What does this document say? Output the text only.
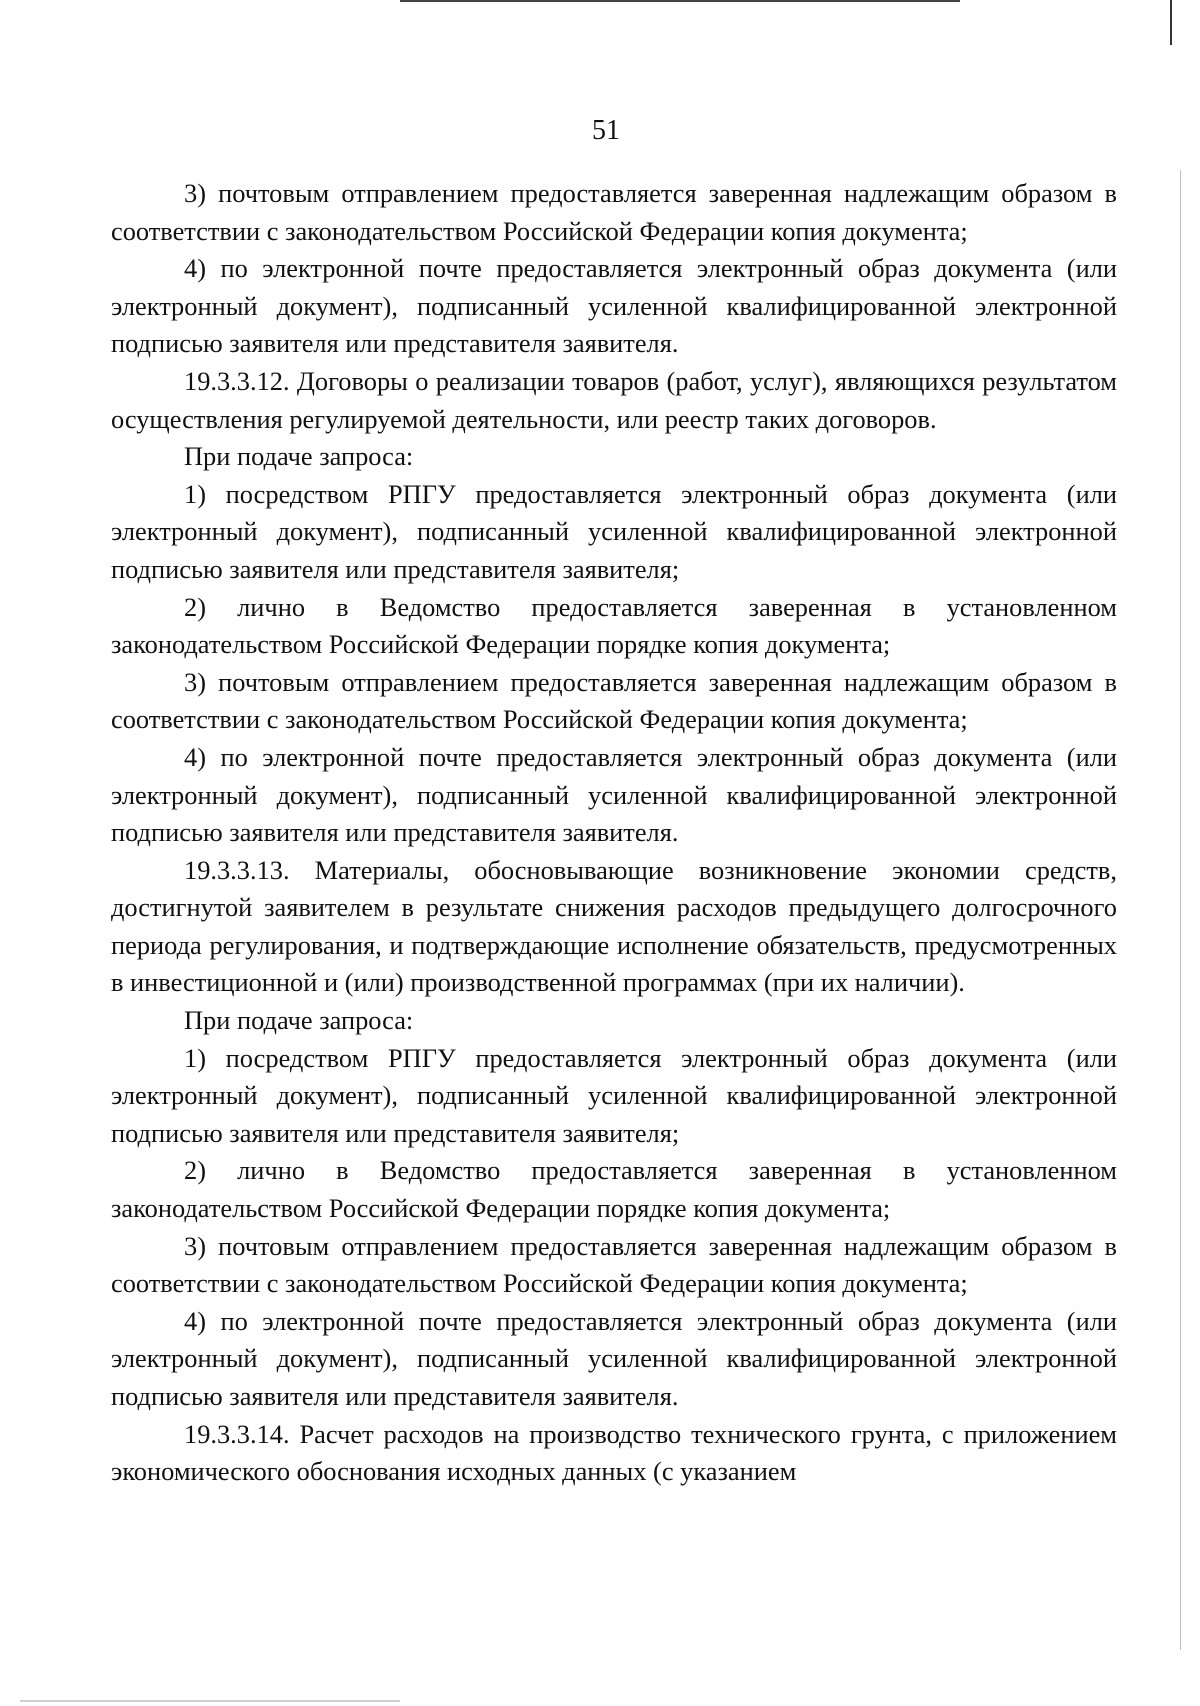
51

3) почтовым отправлением предоставляется заверенная надлежащим образом в соответствии с законодательством Российской Федерации копия документа;

4) по электронной почте предоставляется электронный образ документа (или электронный документ), подписанный усиленной квалифицированной электронной подписью заявителя или представителя заявителя.

19.3.3.12. Договоры о реализации товаров (работ, услуг), являющихся результатом осуществления регулируемой деятельности, или реестр таких договоров.

При подаче запроса:

1) посредством РПГУ предоставляется электронный образ документа (или электронный документ), подписанный усиленной квалифицированной электронной подписью заявителя или представителя заявителя;

2) лично в Ведомство предоставляется заверенная в установленном законодательством Российской Федерации порядке копия документа;

3) почтовым отправлением предоставляется заверенная надлежащим образом в соответствии с законодательством Российской Федерации копия документа;

4) по электронной почте предоставляется электронный образ документа (или электронный документ), подписанный усиленной квалифицированной электронной подписью заявителя или представителя заявителя.

19.3.3.13. Материалы, обосновывающие возникновение экономии средств, достигнутой заявителем в результате снижения расходов предыдущего долгосрочного периода регулирования, и подтверждающие исполнение обязательств, предусмотренных в инвестиционной и (или) производственной программах (при их наличии).

При подаче запроса:

1) посредством РПГУ предоставляется электронный образ документа (или электронный документ), подписанный усиленной квалифицированной электронной подписью заявителя или представителя заявителя;

2) лично в Ведомство предоставляется заверенная в установленном законодательством Российской Федерации порядке копия документа;

3) почтовым отправлением предоставляется заверенная надлежащим образом в соответствии с законодательством Российской Федерации копия документа;

4) по электронной почте предоставляется электронный образ документа (или электронный документ), подписанный усиленной квалифицированной электронной подписью заявителя или представителя заявителя.

19.3.3.14. Расчет расходов на производство технического грунта, с приложением экономического обоснования исходных данных (с указанием
